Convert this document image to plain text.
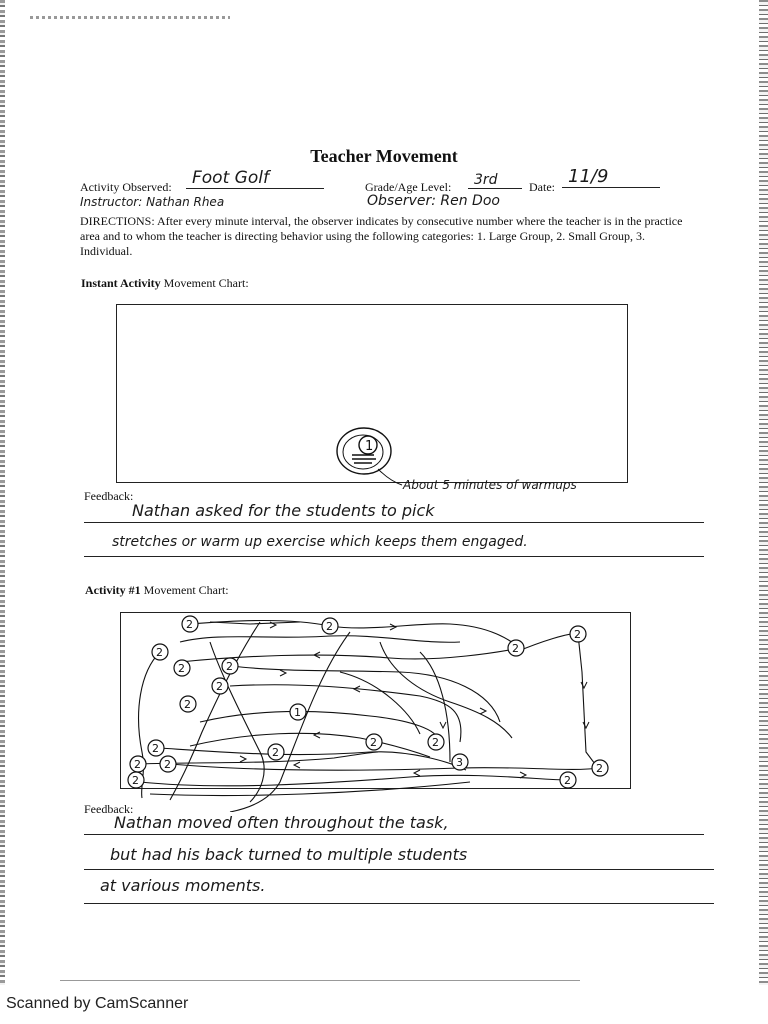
Teacher Movement
Activity Observed:	Foot Golf	Grade/Age Level:	3rd	Date: 11/9
Instructor: Nathan Rhea	Observer: Ren Doo
DIRECTIONS: After every minute interval, the observer indicates by consecutive number where the teacher is in the practice area and to whom the teacher is directing behavior using the following categories: 1. Large Group, 2. Small Group, 3. Individual.
Instant Activity Movement Chart:
1
About 5 minutes of warmups
Feedback:
Nathan asked for the students to pick
stretches or warm up exercise which keeps them engaged.
Activity #1 Movement Chart:
2	2
2
2
2
2
2
2
2
2
2
2
3
2
1
2
2
2	2
2
Feedback:
Nathan moved often throughout the task,
but had his back turned to multiple students
at various moments.
Scanned by CamScanner
